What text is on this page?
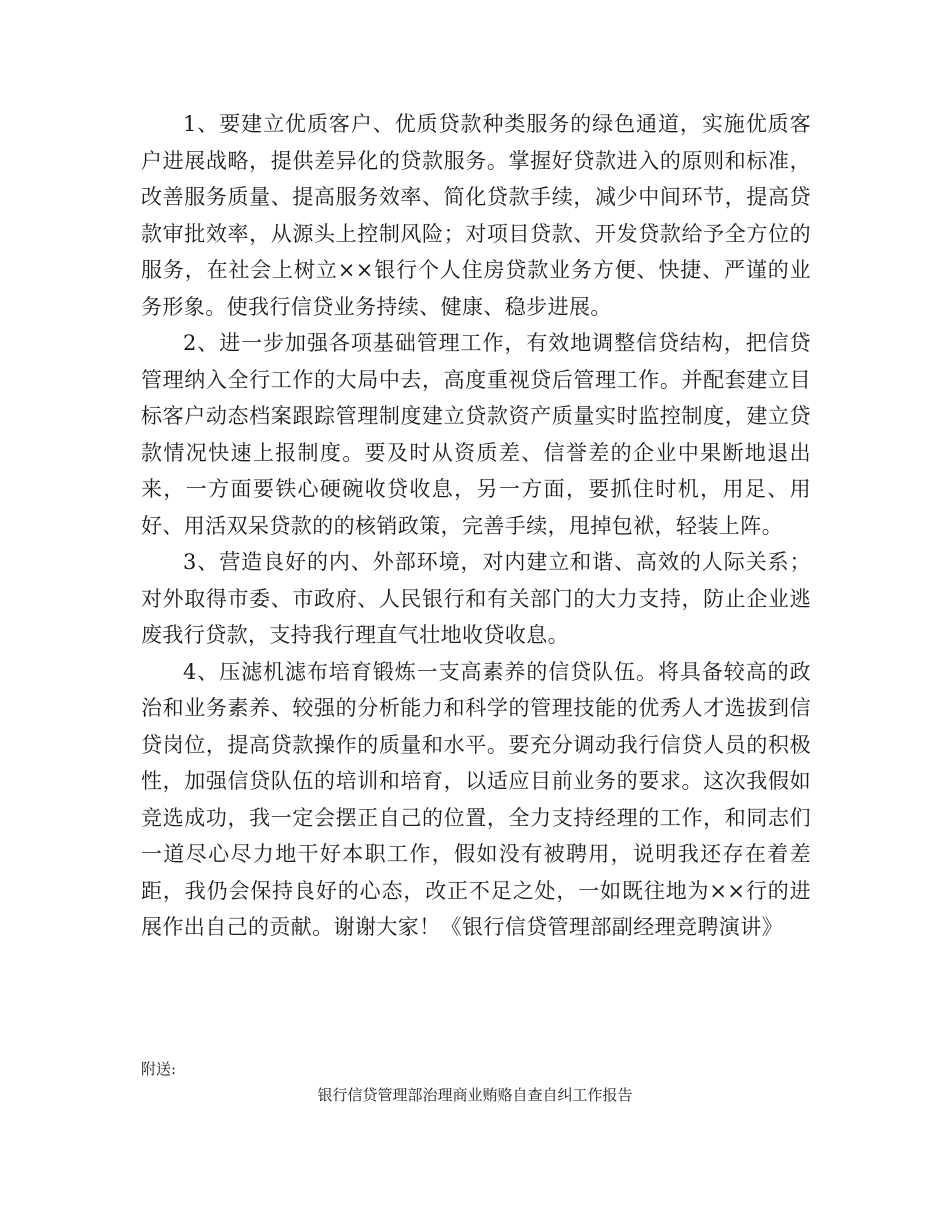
1、要建立优质客户、优质贷款种类服务的绿色通道，实施优质客户进展战略，提供差异化的贷款服务。掌握好贷款进入的原则和标准，改善服务质量、提高服务效率、简化贷款手续，减少中间环节，提高贷款审批效率，从源头上控制风险；对项目贷款、开发贷款给予全方位的服务，在社会上树立××银行个人住房贷款业务方便、快捷、严谨的业务形象。使我行信贷业务持续、健康、稳步进展。

2、进一步加强各项基础管理工作，有效地调整信贷结构，把信贷管理纳入全行工作的大局中去，高度重视贷后管理工作。并配套建立目标客户动态档案跟踪管理制度建立贷款资产质量实时监控制度，建立贷款情况快速上报制度。要及时从资质差、信誉差的企业中果断地退出来，一方面要铁心硬碗收贷收息，另一方面，要抓住时机，用足、用好、用活双呆贷款的的核销政策，完善手续，甩掉包袱，轻装上阵。

3、营造良好的内、外部环境，对内建立和谐、高效的人际关系；对外取得市委、市政府、人民银行和有关部门的大力支持，防止企业逃废我行贷款，支持我行理直气壮地收贷收息。

4、压滤机滤布培育锻炼一支高素养的信贷队伍。将具备较高的政治和业务素养、较强的分析能力和科学的管理技能的优秀人才选拔到信贷岗位，提高贷款操作的质量和水平。要充分调动我行信贷人员的积极性，加强信贷队伍的培训和培育，以适应目前业务的要求。这次我假如竞选成功，我一定会摆正自己的位置，全力支持经理的工作，和同志们一道尽心尽力地干好本职工作，假如没有被聘用，说明我还存在着差距，我仍会保持良好的心态，改正不足之处，一如既往地为××行的进展作出自己的贡献。谢谢大家！《银行信贷管理部副经理竞聘演讲》

附送:
银行信贷管理部治理商业贿赂自查自纠工作报告
